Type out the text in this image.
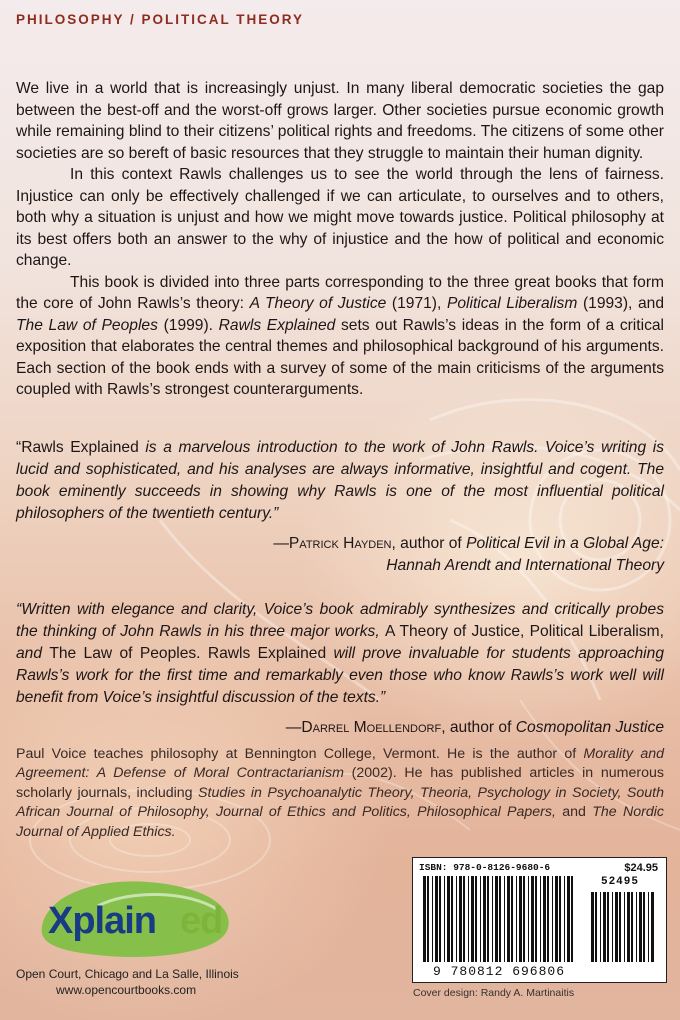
PHILOSOPHY / POLITICAL THEORY

We live in a world that is increasingly unjust. In many liberal democratic societies the gap between the best-off and the worst-off grows larger. Other societies pursue economic growth while remaining blind to their citizens’ political rights and freedoms. The citizens of some other societies are so bereft of basic resources that they struggle to maintain their human dignity.

In this context Rawls challenges us to see the world through the lens of fairness. Injustice can only be effectively challenged if we can articulate, to ourselves and to others, both why a situation is unjust and how we might move towards justice. Political philosophy at its best offers both an answer to the why of injustice and the how of political and economic change.

This book is divided into three parts corresponding to the three great books that form the core of John Rawls’s theory: A Theory of Justice (1971), Political Liberalism (1993), and The Law of Peoples (1999). Rawls Explained sets out Rawls’s ideas in the form of a critical exposition that elaborates the central themes and philosophical background of his arguments. Each section of the book ends with a survey of some of the main criticisms of the arguments coupled with Rawls’s strongest counterarguments.

“Rawls Explained is a marvelous introduction to the work of John Rawls. Voice’s writing is lucid and sophisticated, and his analyses are always informative, insightful and cogent. The book eminently succeeds in showing why Rawls is one of the most influential political philosophers of the twentieth century.”

—Patrick Hayden, author of Political Evil in a Global Age:
Hannah Arendt and International Theory

“Written with elegance and clarity, Voice’s book admirably synthesizes and critically probes the thinking of John Rawls in his three major works, A Theory of Justice, Political Liberalism, and The Law of Peoples. Rawls Explained will prove invaluable for students approaching Rawls’s work for the first time and remarkably even those who know Rawls’s work well will benefit from Voice’s insightful discussion of the texts.”

—Darrel Moellendorf, author of Cosmopolitan Justice

Paul Voice teaches philosophy at Bennington College, Vermont. He is the author of Morality and Agreement: A Defense of Moral Contractarianism (2002). He has published articles in numerous scholarly journals, including Studies in Psychoanalytic Theory, Theoria, Psychology in Society, South African Journal of Philosophy, Journal of Ethics and Politics, Philosophical Papers, and The Nordic Journal of Applied Ethics.
Xplain ed
Open Court, Chicago and La Salle, Illinois
www.opencourtbooks.com
ISBN: 978-0-8126-9680-6	$24.95
52495
9 780812 696806
Cover design: Randy A. Martinaitis
